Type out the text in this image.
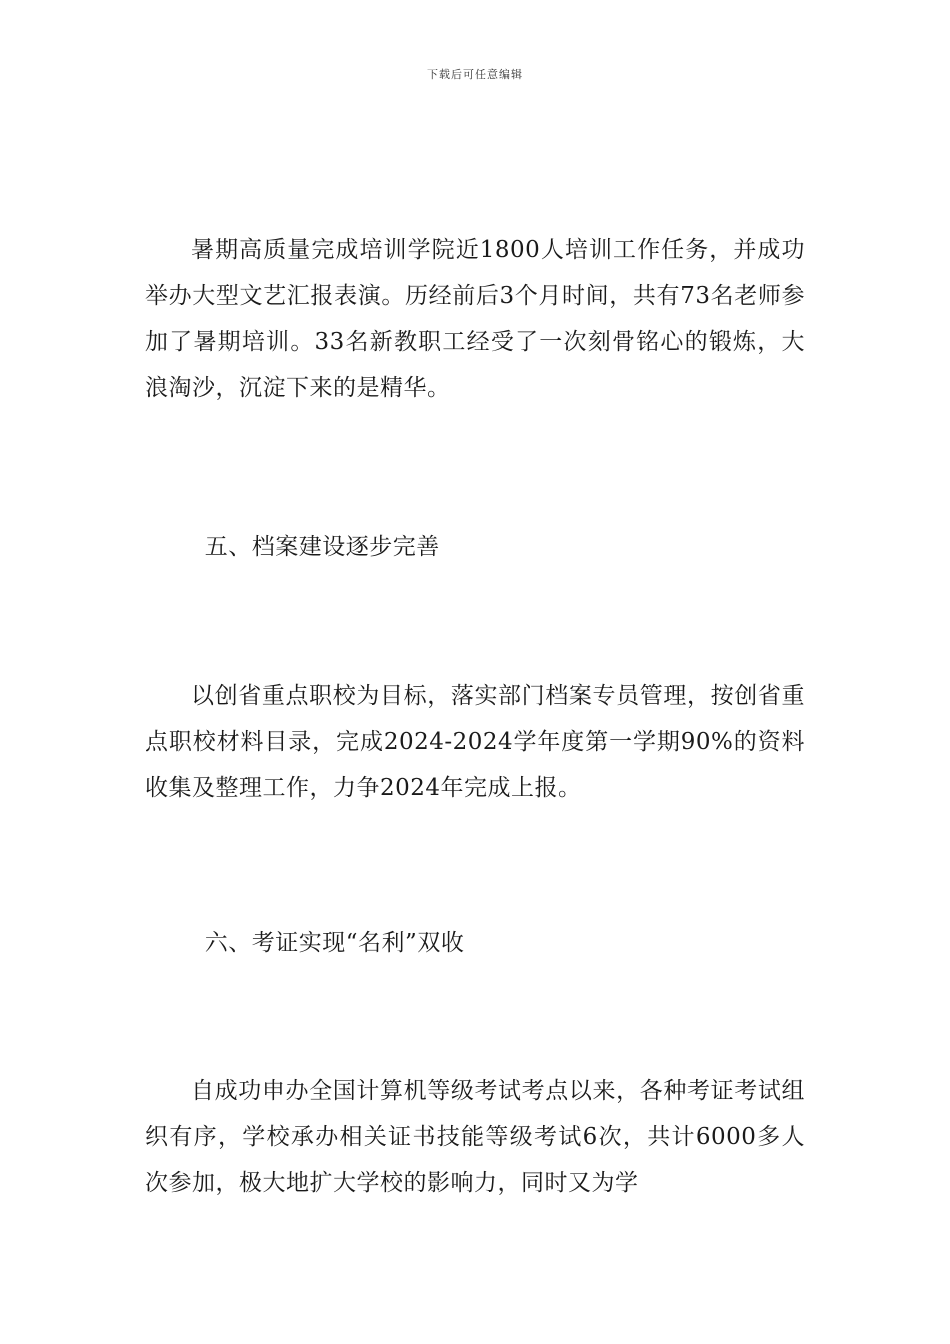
下载后可任意编辑

暑期高质量完成培训学院近1800人培训工作任务，并成功举办大型文艺汇报表演。历经前后3个月时间，共有73名老师参加了暑期培训。33名新教职工经受了一次刻骨铭心的锻炼，大浪淘沙，沉淀下来的是精华。

五、档案建设逐步完善

以创省重点职校为目标，落实部门档案专员管理，按创省重点职校材料目录，完成2024-2024学年度第一学期90%的资料收集及整理工作，力争2024年完成上报。

六、考证实现“名利”双收

自成功申办全国计算机等级考试考点以来，各种考证考试组织有序，学校承办相关证书技能等级考试6次，共计6000多人次参加，极大地扩大学校的影响力，同时又为学
